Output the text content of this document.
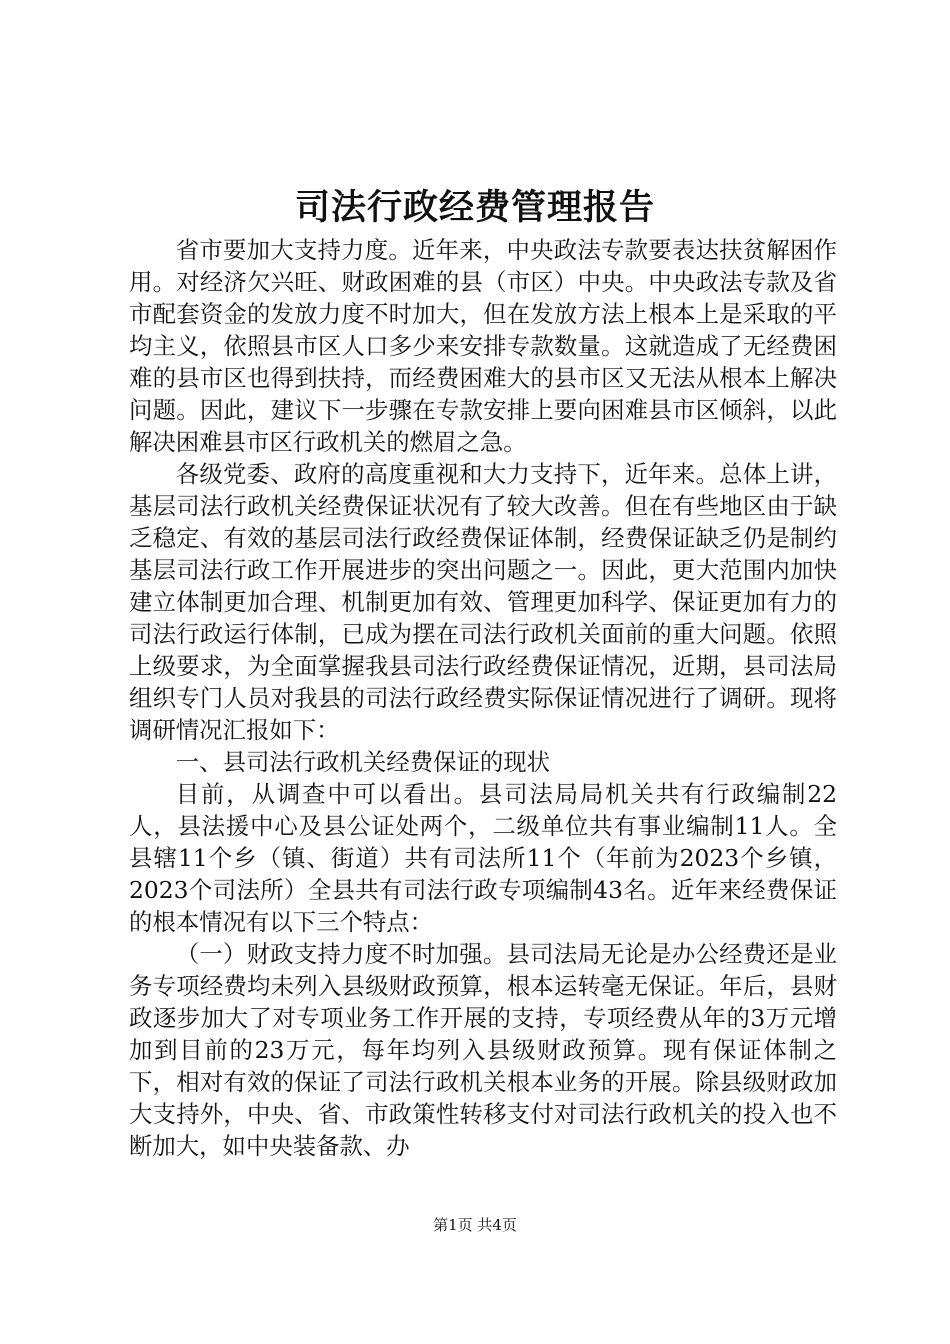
司法行政经费管理报告

省市要加大支持力度。近年来，中央政法专款要表达扶贫解困作用。对经济欠兴旺、财政困难的县（市区）中央。中央政法专款及省市配套资金的发放力度不时加大，但在发放方法上根本上是采取的平均主义，依照县市区人口多少来安排专款数量。这就造成了无经费困难的县市区也得到扶持，而经费困难大的县市区又无法从根本上解决问题。因此，建议下一步骤在专款安排上要向困难县市区倾斜，以此解决困难县市区行政机关的燃眉之急。

各级党委、政府的高度重视和大力支持下，近年来。总体上讲，基层司法行政机关经费保证状况有了较大改善。但在有些地区由于缺乏稳定、有效的基层司法行政经费保证体制，经费保证缺乏仍是制约基层司法行政工作开展进步的突出问题之一。因此，更大范围内加快建立体制更加合理、机制更加有效、管理更加科学、保证更加有力的司法行政运行体制，已成为摆在司法行政机关面前的重大问题。依照上级要求，为全面掌握我县司法行政经费保证情况，近期，县司法局组织专门人员对我县的司法行政经费实际保证情况进行了调研。现将调研情况汇报如下：

一、县司法行政机关经费保证的现状

目前，从调查中可以看出。县司法局局机关共有行政编制22人，县法援中心及县公证处两个，二级单位共有事业编制11人。全县辖11个乡（镇、街道）共有司法所11个（年前为2023个乡镇，2023个司法所）全县共有司法行政专项编制43名。近年来经费保证的根本情况有以下三个特点：

（一）财政支持力度不时加强。县司法局无论是办公经费还是业务专项经费均未列入县级财政预算，根本运转毫无保证。年后，县财政逐步加大了对专项业务工作开展的支持，专项经费从年的3万元增加到目前的23万元，每年均列入县级财政预算。现有保证体制之下，相对有效的保证了司法行政机关根本业务的开展。除县级财政加大支持外，中央、省、市政策性转移支付对司法行政机关的投入也不断加大，如中央装备款、办

第1页 共4页
